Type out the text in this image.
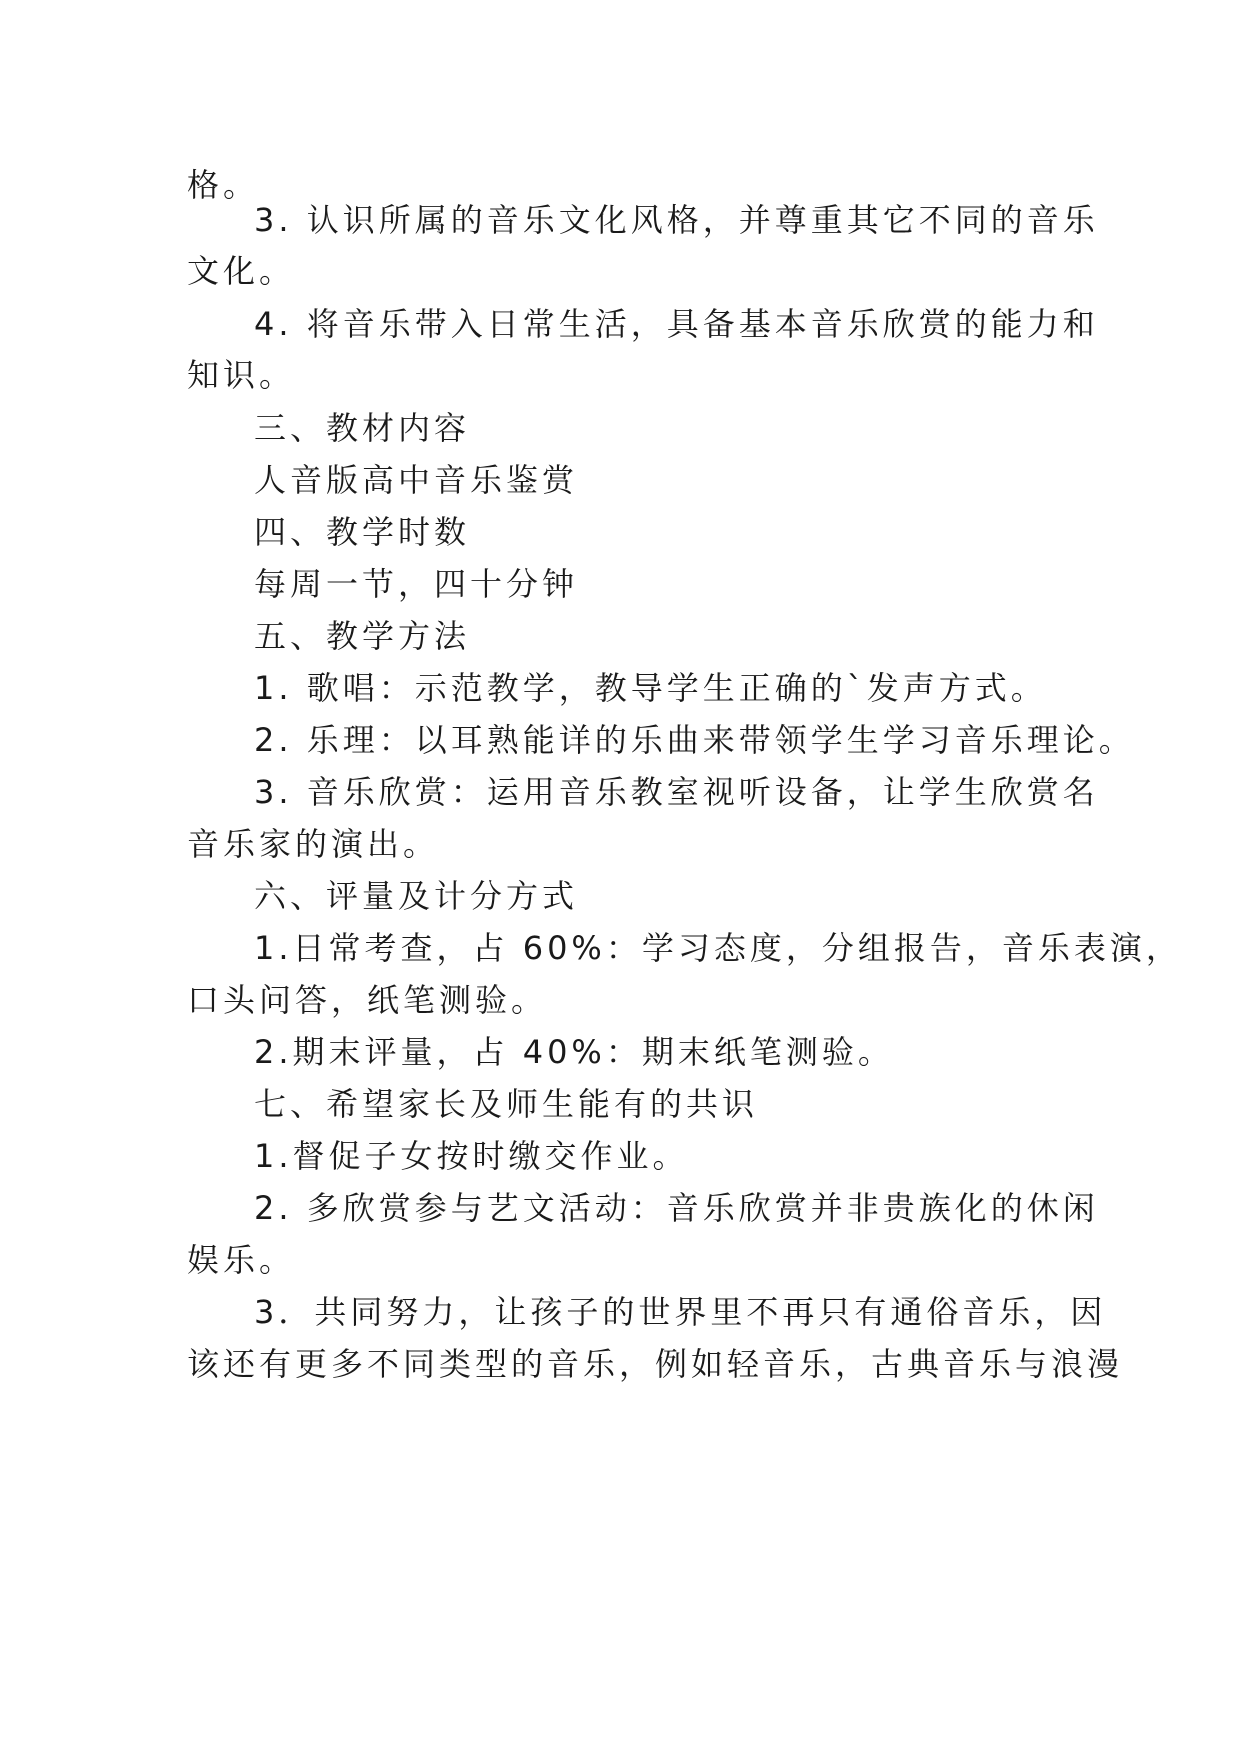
格。
3. 认识所属的音乐文化风格，并尊重其它不同的音乐
文化。
4. 将音乐带入日常生活，具备基本音乐欣赏的能力和
知识。
三、教材内容
人音版高中音乐鉴赏
四、教学时数
每周一节，四十分钟
五、教学方法
1. 歌唱：示范教学，教导学生正确的`发声方式。
2. 乐理：以耳熟能详的乐曲来带领学生学习音乐理论。
3. 音乐欣赏：运用音乐教室视听设备，让学生欣赏名
音乐家的演出。
六、评量及计分方式
1.日常考查，占 60%：学习态度，分组报告，音乐表演，
口头问答，纸笔测验。
2.期末评量，占 40%：期末纸笔测验。
七、希望家长及师生能有的共识
1.督促子女按时缴交作业。
2. 多欣赏参与艺文活动：音乐欣赏并非贵族化的休闲
娱乐。
3．共同努力，让孩子的世界里不再只有通俗音乐，因
该还有更多不同类型的音乐，例如轻音乐，古典音乐与浪漫
